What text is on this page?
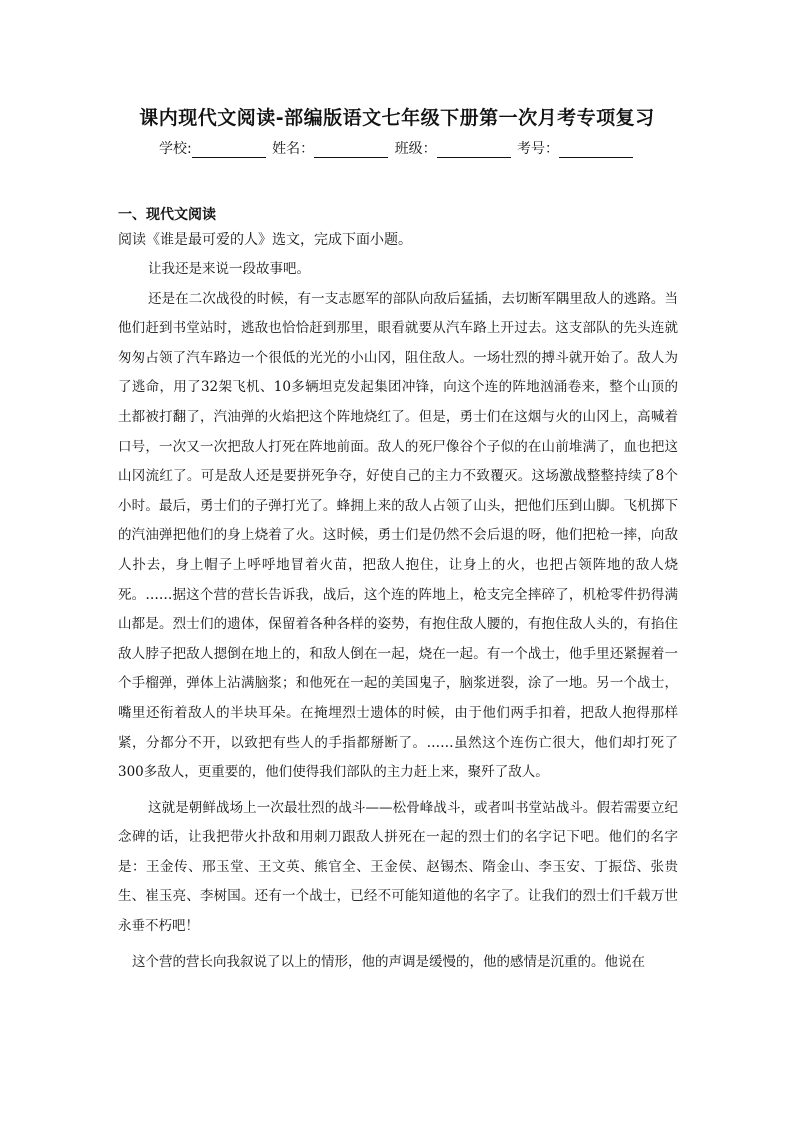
课内现代文阅读-部编版语文七年级下册第一次月考专项复习
学校:	姓名：	班级：	考号：
一、现代文阅读
阅读《谁是最可爱的人》选文，完成下面小题。

让我还是来说一段故事吧。

还是在二次战役的时候，有一支志愿军的部队向敌后猛插，去切断军隅里敌人的逃路。当他们赶到书堂站时，逃敌也恰恰赶到那里，眼看就要从汽车路上开过去。这支部队的先头连就匆匆占领了汽车路边一个很低的光光的小山冈，阻住敌人。一场壮烈的搏斗就开始了。敌人为了逃命，用了32架飞机、10多辆坦克发起集团冲锋，向这个连的阵地汹涌卷来，整个山顶的土都被打翻了，汽油弹的火焰把这个阵地烧红了。但是，勇士们在这烟与火的山冈上，高喊着口号，一次又一次把敌人打死在阵地前面。敌人的死尸像谷个子似的在山前堆满了，血也把这山冈流红了。可是敌人还是要拼死争夺，好使自己的主力不致覆灭。这场激战整整持续了8个小时。最后，勇士们的子弹打光了。蜂拥上来的敌人占领了山头，把他们压到山脚。飞机掷下的汽油弹把他们的身上烧着了火。这时候，勇士们是仍然不会后退的呀，他们把枪一摔，向敌人扑去，身上帽子上呼呼地冒着火苗，把敌人抱住，让身上的火，也把占领阵地的敌人烧死。……据这个营的营长告诉我，战后，这个连的阵地上，枪支完全摔碎了，机枪零件扔得满山都是。烈士们的遗体，保留着各种各样的姿势，有抱住敌人腰的，有抱住敌人头的，有掐住敌人脖子把敌人摁倒在地上的，和敌人倒在一起，烧在一起。有一个战士，他手里还紧握着一个手榴弹，弹体上沾满脑浆；和他死在一起的美国鬼子，脑浆迸裂，涂了一地。另一个战士，嘴里还衔着敌人的半块耳朵。在掩埋烈士遗体的时候，由于他们两手扣着，把敌人抱得那样紧，分都分不开，以致把有些人的手指都掰断了。……虽然这个连伤亡很大，他们却打死了300多敌人，更重要的，他们使得我们部队的主力赶上来，聚歼了敌人。

这就是朝鲜战场上一次最壮烈的战斗——松骨峰战斗，或者叫书堂站战斗。假若需要立纪念碑的话，让我把带火扑敌和用刺刀跟敌人拼死在一起的烈士们的名字记下吧。他们的名字是：王金传、邢玉堂、王文英、熊官全、王金侯、赵锡杰、隋金山、李玉安、丁振岱、张贵生、崔玉亮、李树国。还有一个战士，已经不可能知道他的名字了。让我们的烈士们千载万世永垂不朽吧！

这个营的营长向我叙说了以上的情形，他的声调是缓慢的，他的感情是沉重的。他说在
